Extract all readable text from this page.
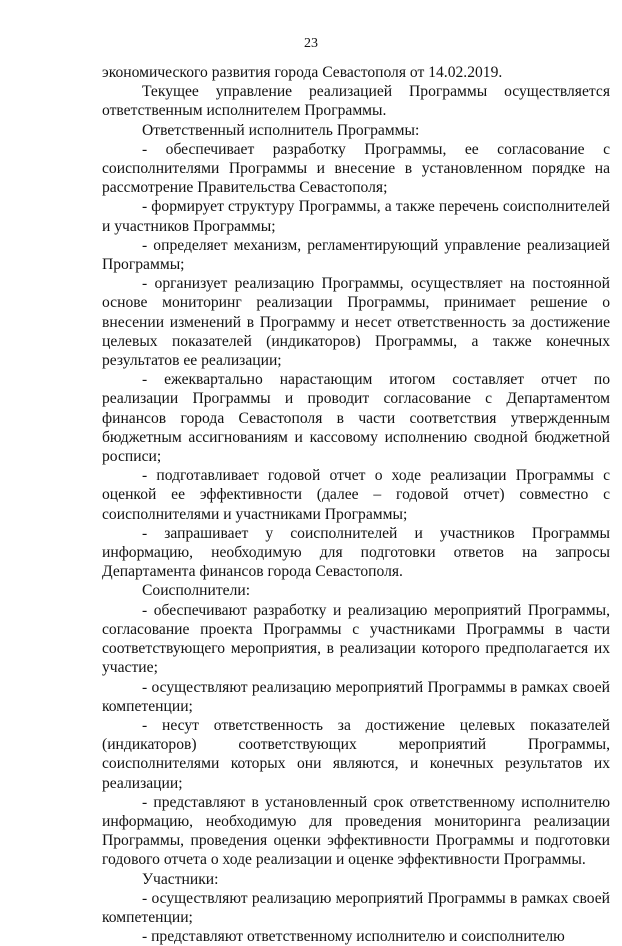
23

экономического развития города Севастополя от 14.02.2019.

Текущее управление реализацией Программы осуществляется ответственным исполнителем Программы.

Ответственный исполнитель Программы:

- обеспечивает разработку Программы, ее согласование с соисполнителями Программы и внесение в установленном порядке на рассмотрение Правительства Севастополя;

- формирует структуру Программы, а также перечень соисполнителей и участников Программы;

- определяет механизм, регламентирующий управление реализацией Программы;

- организует реализацию Программы, осуществляет на постоянной основе мониторинг реализации Программы, принимает решение о внесении изменений в Программу и несет ответственность за достижение целевых показателей (индикаторов) Программы, а также конечных результатов ее реализации;

- ежеквартально нарастающим итогом составляет отчет по реализации Программы и проводит согласование с Департаментом финансов города Севастополя в части соответствия утвержденным бюджетным ассигнованиям и кассовому исполнению сводной бюджетной росписи;

- подготавливает годовой отчет о ходе реализации Программы с оценкой ее эффективности (далее – годовой отчет) совместно с соисполнителями и участниками Программы;

- запрашивает у соисполнителей и участников Программы информацию, необходимую для подготовки ответов на запросы Департамента финансов города Севастополя.

Соисполнители:

- обеспечивают разработку и реализацию мероприятий Программы, согласование проекта Программы с участниками Программы в части соответствующего мероприятия, в реализации которого предполагается их участие;

- осуществляют реализацию мероприятий Программы в рамках своей компетенции;

- несут ответственность за достижение целевых показателей (индикаторов) соответствующих мероприятий Программы, соисполнителями которых они являются, и конечных результатов их реализации;

- представляют в установленный срок ответственному исполнителю информацию, необходимую для проведения мониторинга реализации Программы, проведения оценки эффективности Программы и подготовки годового отчета о ходе реализации и оценке эффективности Программы.

Участники:

- осуществляют реализацию мероприятий Программы в рамках своей компетенции;

- представляют ответственному исполнителю и соисполнителю
